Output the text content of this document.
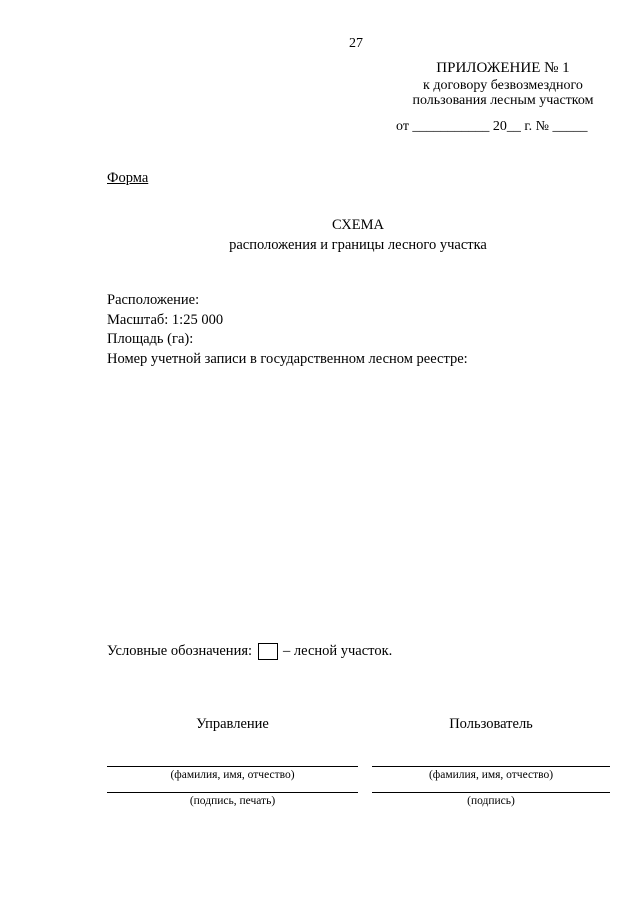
27
ПРИЛОЖЕНИЕ № 1
к договору безвозмездного
пользования лесным участком
от ___________ 20__ г. № _____
Форма
СХЕМА
расположения и границы лесного участка
Расположение:
Масштаб: 1:25 000
Площадь (га):
Номер учетной записи в государственном лесном реестре:
Условные обозначения: – лесной участок.
Управление
(фамилия, имя, отчество)
(подпись, печать)
Пользователь
(фамилия, имя, отчество)
(подпись)
